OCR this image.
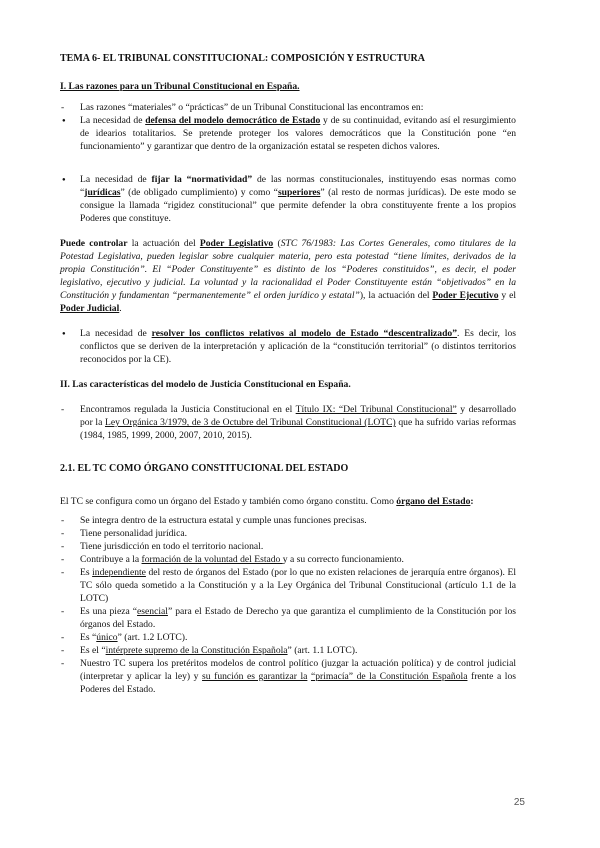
TEMA 6- EL TRIBUNAL CONSTITUCIONAL: COMPOSICIÓN Y ESTRUCTURA
I. Las razones para un Tribunal Constitucional en España.
-
Las razones “materiales” o “prácticas” de un Tribunal Constitucional las encontramos en:
●
La necesidad de defensa del modelo democrático de Estado y de su continuidad, evitando así el resurgimiento de idearios totalitarios. Se pretende proteger los valores democráticos que la Constitución pone “en funcionamiento” y garantizar que dentro de la organización estatal se respeten dichos valores.
●
La necesidad de fijar la “normatividad” de las normas constitucionales, instituyendo esas normas como “jurídicas” (de obligado cumplimiento) y como “superiores” (al resto de normas jurídicas). De este modo se consigue la llamada “rigidez constitucional” que permite defender la obra constituyente frente a los propios Poderes que constituye.
Puede controlar la actuación del Poder Legislativo (STC 76/1983: Las Cortes Generales, como titulares de la Potestad Legislativa, pueden legislar sobre cualquier materia, pero esta potestad “tiene límites, derivados de la propia Constitución”. El “Poder Constituyente” es distinto de los “Poderes constituidos”, es decir, el poder legislativo, ejecutivo y judicial. La voluntad y la racionalidad el Poder Constituyente están “objetivados” en la Constitución y fundamentan “permanentemente” el orden jurídico y estatal”), la actuación del Poder Ejecutivo y el Poder Judicial.
●
La necesidad de resolver los conflictos relativos al modelo de Estado “descentralizado”. Es decir, los conflictos que se deriven de la interpretación y aplicación de la “constitución territorial” (o distintos territorios reconocidos por la CE).
II. Las características del modelo de Justicia Constitucional en España.
-
Encontramos regulada la Justicia Constitucional en el Título IX: “Del Tribunal Constitucional” y desarrollado por la Ley Orgánica 3/1979, de 3 de Octubre del Tribunal Constitucional (LOTC) que ha sufrido varias reformas (1984, 1985, 1999, 2000, 2007, 2010, 2015).
2.1. EL TC COMO ÓRGANO CONSTITUCIONAL DEL ESTADO
El TC se configura como un órgano del Estado y también como órgano constitu. Como órgano del Estado:
-
Se integra dentro de la estructura estatal y cumple unas funciones precisas.
-
Tiene personalidad jurídica.
-
Tiene jurisdicción en todo el territorio nacional.
-
Contribuye a la formación de la voluntad del Estado y a su correcto funcionamiento.
-
Es independiente del resto de órganos del Estado (por lo que no existen relaciones de jerarquía entre órganos). El TC sólo queda sometido a la Constitución y a la Ley Orgánica del Tribunal Constitucional (artículo 1.1 de la LOTC)
-
Es una pieza “esencial” para el Estado de Derecho ya que garantiza el cumplimiento de la Constitución por los órganos del Estado.
-
Es “único” (art. 1.2 LOTC).
-
Es el “intérprete supremo de la Constitución Española” (art. 1.1 LOTC).
-
Nuestro TC supera los pretéritos modelos de control político (juzgar la actuación política) y de control judicial (interpretar y aplicar la ley) y su función es garantizar la “primacía” de la Constitución Española frente a los Poderes del Estado.
25
